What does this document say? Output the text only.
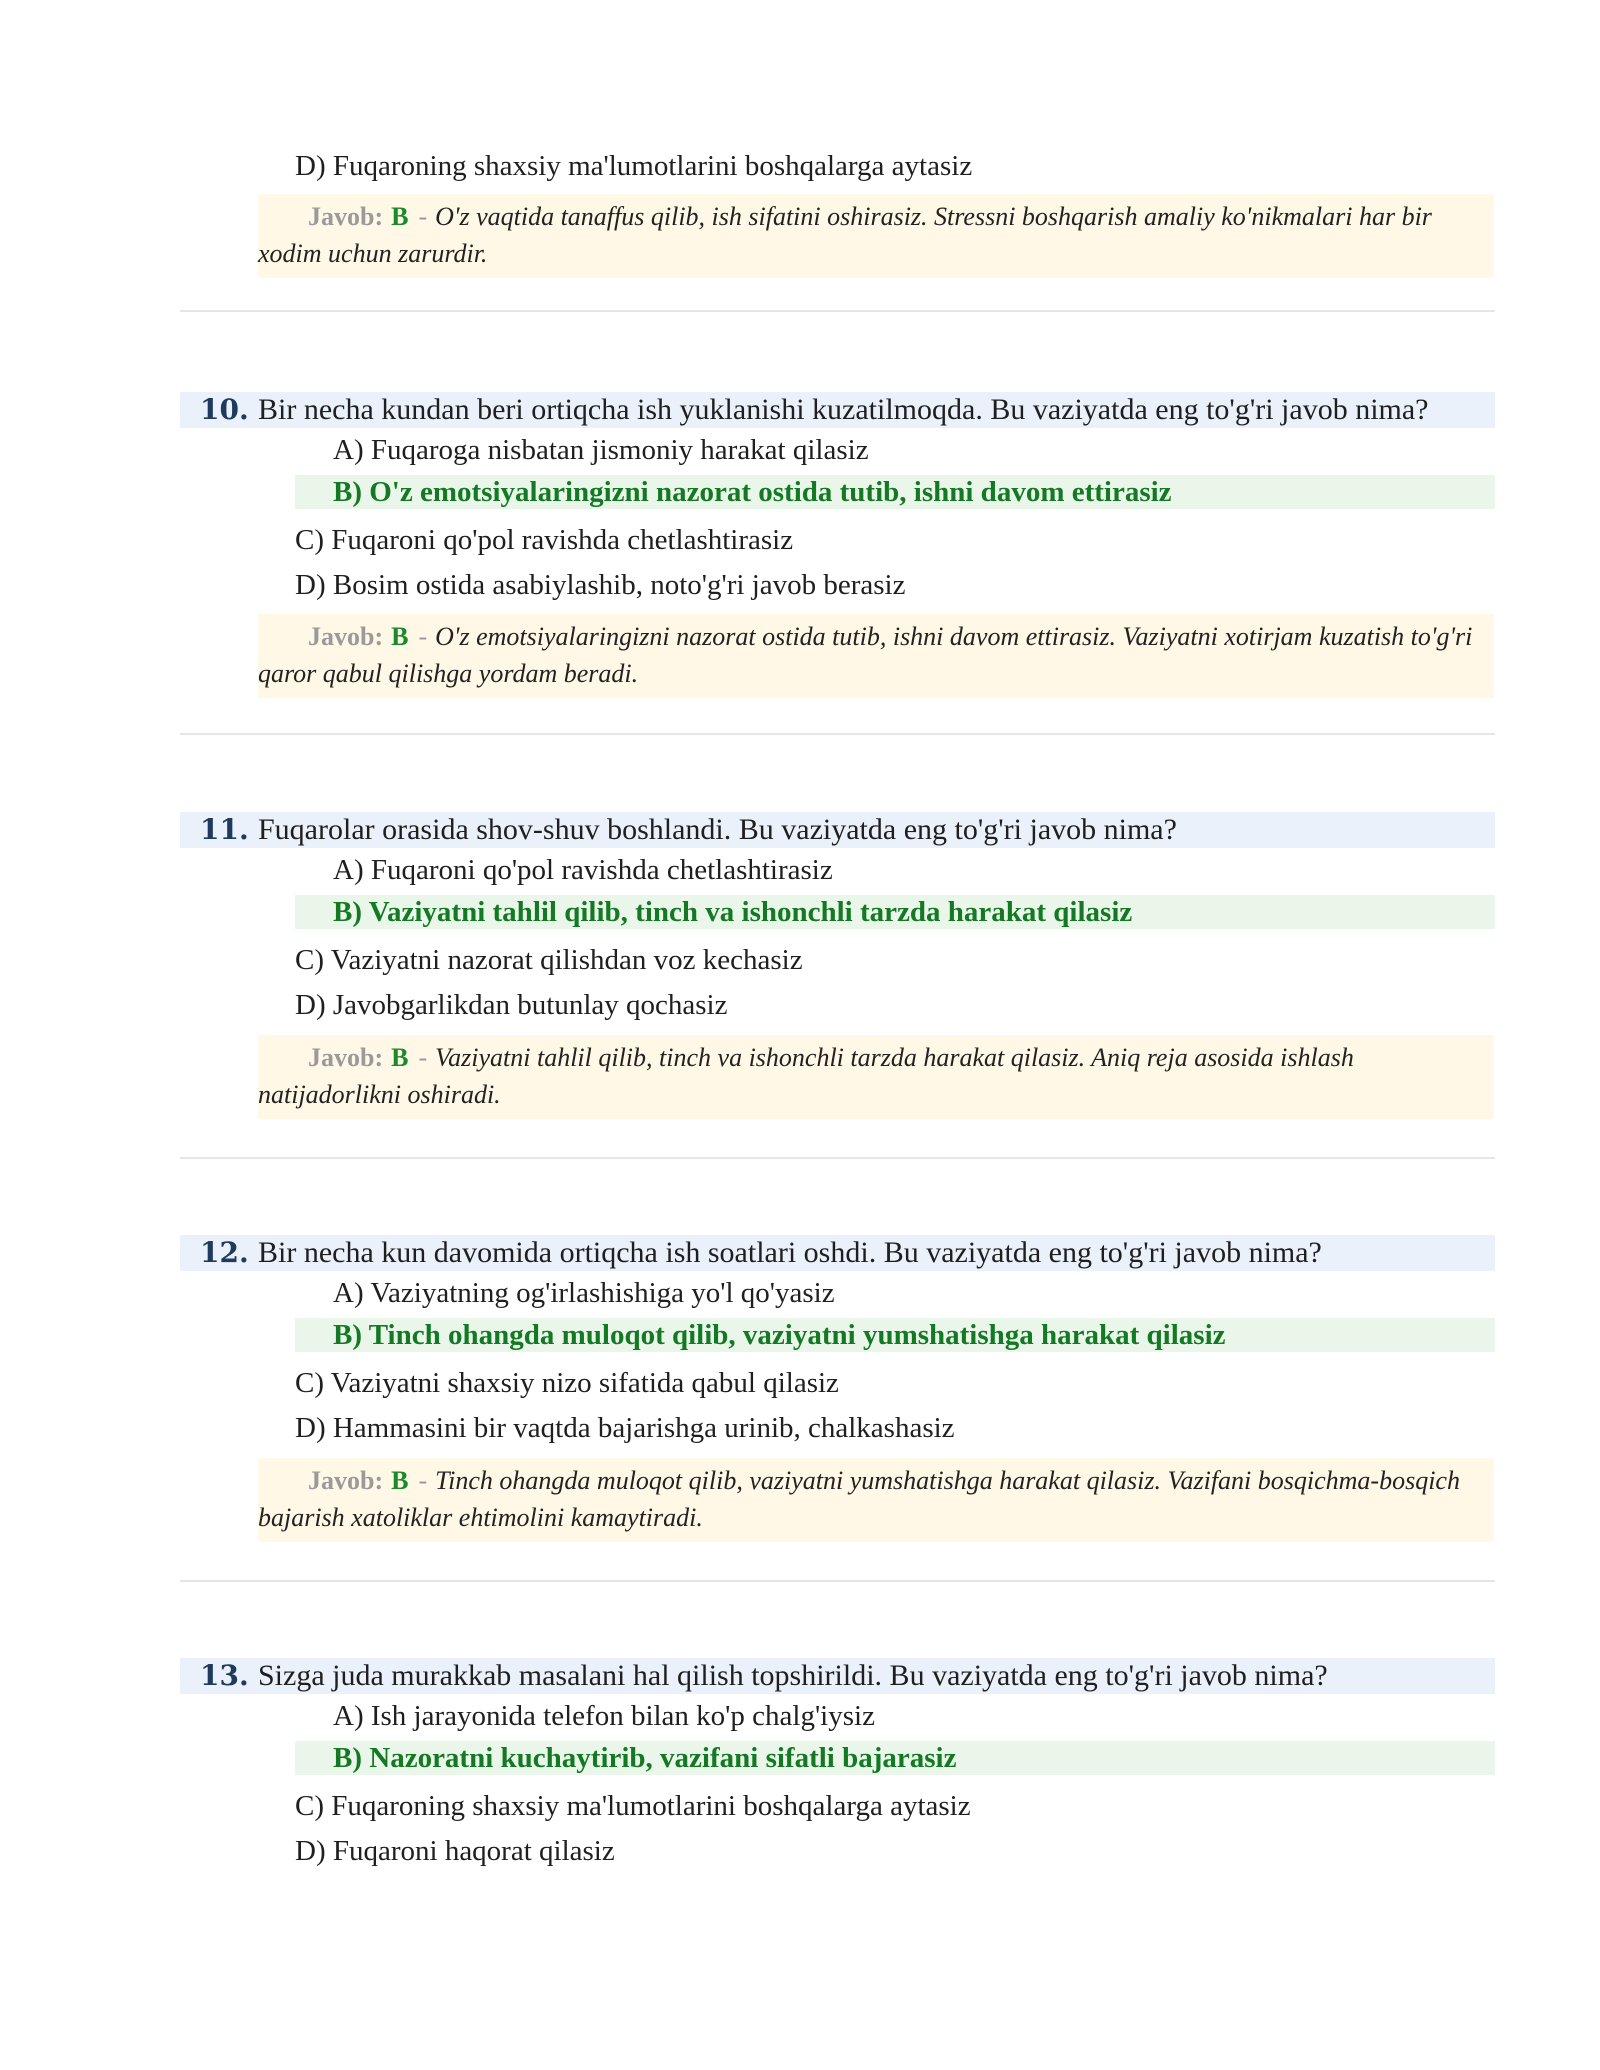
D) Fuqaroning shaxsiy ma'lumotlarini boshqalarga aytasiz
Javob: B - O'z vaqtida tanaffus qilib, ish sifatini oshirasiz. Stressni boshqarish amaliy ko'nikmalari har bir xodim uchun zarurdir.
10. Bir necha kundan beri ortiqcha ish yuklanishi kuzatilmoqda. Bu vaziyatda eng to'g'ri javob nima?
A) Fuqaroga nisbatan jismoniy harakat qilasiz
B) O'z emotsiyalaringizni nazorat ostida tutib, ishni davom ettirasiz
C) Fuqaroni qo'pol ravishda chetlashtirasiz
D) Bosim ostida asabiylashib, noto'g'ri javob berasiz
Javob: B - O'z emotsiyalaringizni nazorat ostida tutib, ishni davom ettirasiz. Vaziyatni xotirjam kuzatish to'g'ri qaror qabul qilishga yordam beradi.
11. Fuqarolar orasida shov-shuv boshlandi. Bu vaziyatda eng to'g'ri javob nima?
A) Fuqaroni qo'pol ravishda chetlashtirasiz
B) Vaziyatni tahlil qilib, tinch va ishonchli tarzda harakat qilasiz
C) Vaziyatni nazorat qilishdan voz kechasiz
D) Javobgarlikdan butunlay qochasiz
Javob: B - Vaziyatni tahlil qilib, tinch va ishonchli tarzda harakat qilasiz. Aniq reja asosida ishlash natijadorlikni oshiradi.
12. Bir necha kun davomida ortiqcha ish soatlari oshdi. Bu vaziyatda eng to'g'ri javob nima?
A) Vaziyatning og'irlashishiga yo'l qo'yasiz
B) Tinch ohangda muloqot qilib, vaziyatni yumshatishga harakat qilasiz
C) Vaziyatni shaxsiy nizo sifatida qabul qilasiz
D) Hammasini bir vaqtda bajarishga urinib, chalkashasiz
Javob: B - Tinch ohangda muloqot qilib, vaziyatni yumshatishga harakat qilasiz. Vazifani bosqichma-bosqich bajarish xatoliklar ehtimolini kamaytiradi.
13. Sizga juda murakkab masalani hal qilish topshirildi. Bu vaziyatda eng to'g'ri javob nima?
A) Ish jarayonida telefon bilan ko'p chalg'iysiz
B) Nazoratni kuchaytirib, vazifani sifatli bajarasiz
C) Fuqaroning shaxsiy ma'lumotlarini boshqalarga aytasiz
D) Fuqaroni haqorat qilasiz
